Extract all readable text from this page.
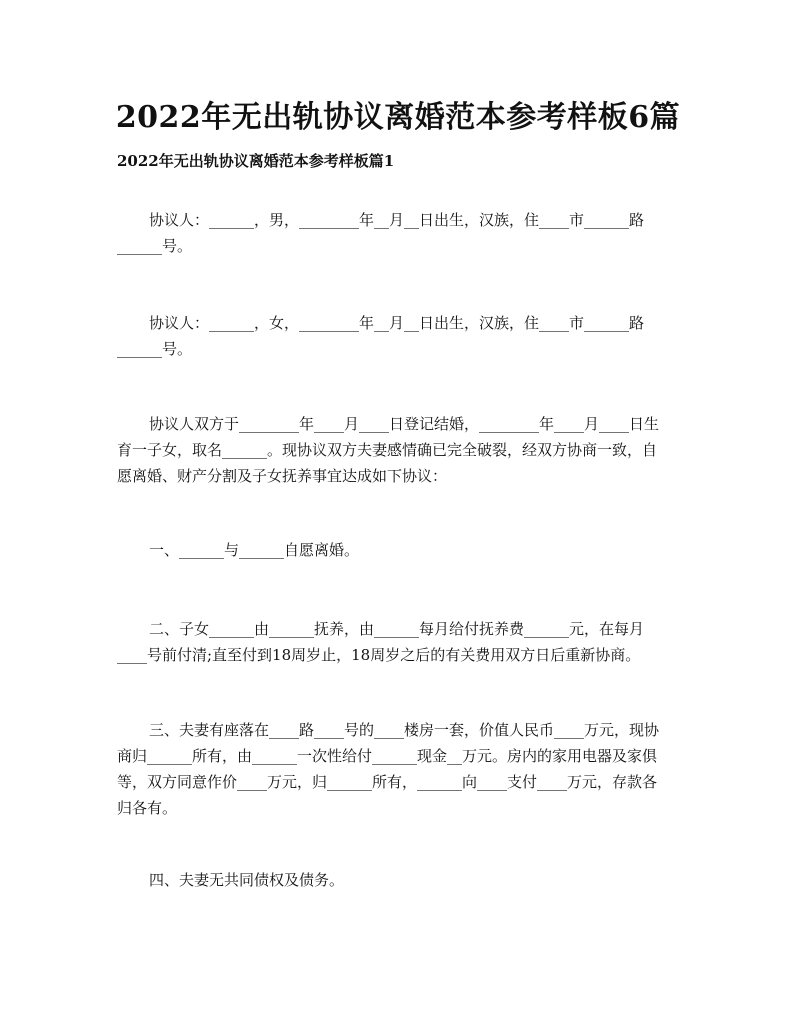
2022年无出轨协议离婚范本参考样板6篇
2022年无出轨协议离婚范本参考样板篇1
协议人：______，男，________年__月__日出生，汉族，住____市______路
______号。
协议人：______，女，________年__月__日出生，汉族，住____市______路
______号。
协议人双方于________年____月____日登记结婚，________年____月____日生
育一子女，取名______。现协议双方夫妻感情确已完全破裂，经双方协商一致，自
愿离婚、财产分割及子女抚养事宜达成如下协议：
一、______与______自愿离婚。
二、子女______由______抚养，由______每月给付抚养费______元，在每月
____号前付清;直至付到18周岁止，18周岁之后的有关费用双方日后重新协商。
三、夫妻有座落在____路____号的____楼房一套，价值人民币____万元，现协
商归______所有，由______一次性给付______现金__万元。房内的家用电器及家俱
等，双方同意作价____万元，归______所有，______向____支付____万元，存款各
归各有。
四、夫妻无共同债权及债务。
